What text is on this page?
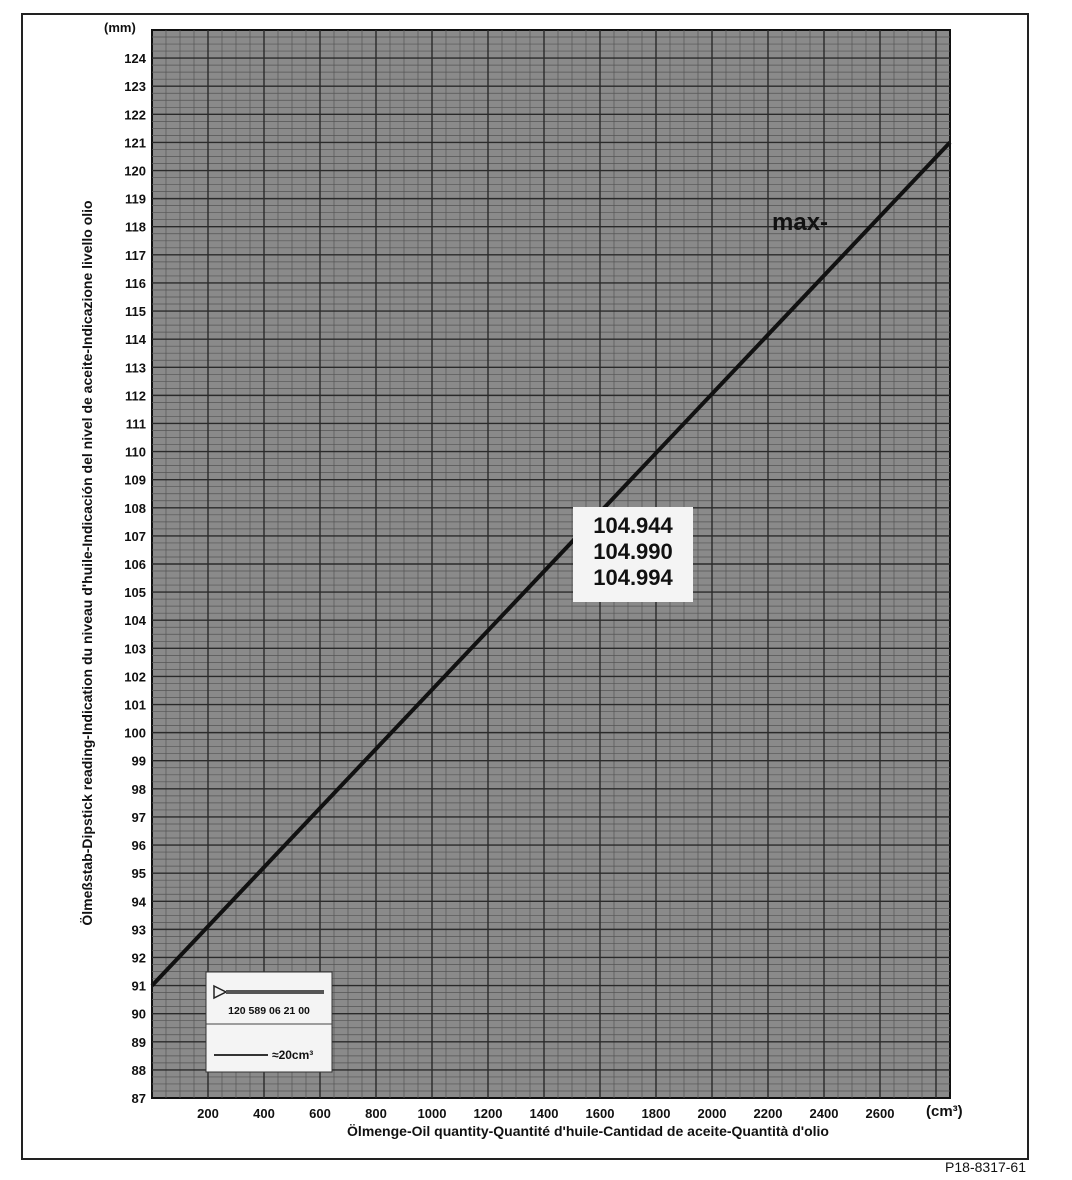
87
88
89
90
91
92
93
94
95
96
97
98
99
100
101
102
103
104
105
106
107
108
109
110
111
112
113
114
115
116
117
118
119
120
121
122
123
124
200	400	600	800 1000 1200 1400 1600 1800 2000 2200 2400 2600
(mm)
(cm³)
Ölmenge-Oil quantity-Quantité d'huile-Cantidad de aceite-Quantità d'olio
Ölmeßstab-Dipstick reading-Indication du niveau d'huile-Indicación del nivel de aceite-Indicazione livello olio	max-
104.944
104.990
104.994
120 589 06 21 00
≈20cm³
P18-8317-61
